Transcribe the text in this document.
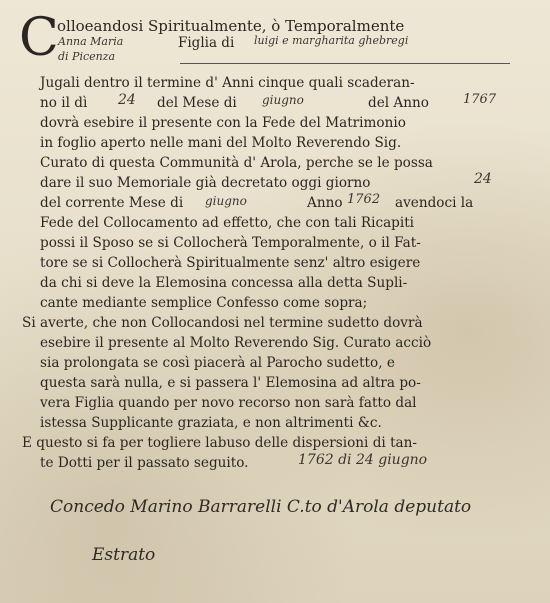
C
olloeandosi Spiritualmente, ò Temporalmente
Anna Maria	Figlia di luigi e margharita ghebregi
di Picenza
Jugali dentro il termine d' Anni cinque quali scaderan-
no il dì 24 del Mese di giugno	del Anno	1767
dovrà esebire il presente con la Fede del Matrimonio
in foglio aperto nelle mani del Molto Reverendo Sig.
Curato di questa Communità d' Arola, perche se le possa
dare il suo Memoriale già decretato oggi giorno	24
del corrente Mese di giugno	Anno 1762 avendoci la
Fede del Collocamento ad effetto, che con tali Ricapiti
possi il Sposo se si Collocherà Temporalmente, o il Fat-
tore se si Collocherà Spiritualmente senz' altro esigere
da chi si deve la Elemosina concessa alla detta Supli-
cante mediante semplice Confesso come sopra;
Si averte, che non Collocandosi nel termine sudetto dovrà
esebire il presente al Molto Reverendo Sig. Curato acciò
sia prolongata se così piacerà al Parocho sudetto, e
questa sarà nulla, e si passera l' Elemosina ad altra po-
vera Figlia quando per novo recorso non sarà fatto dal
istessa Supplicante graziata, e non altrimenti &c.
E questo si fa per togliere labuso delle dispersioni di tan-
te Dotti per il passato seguito.	1762 di 24 giugno
Concedo Marino Barrarelli C.to d'Arola deputato
Estrato
